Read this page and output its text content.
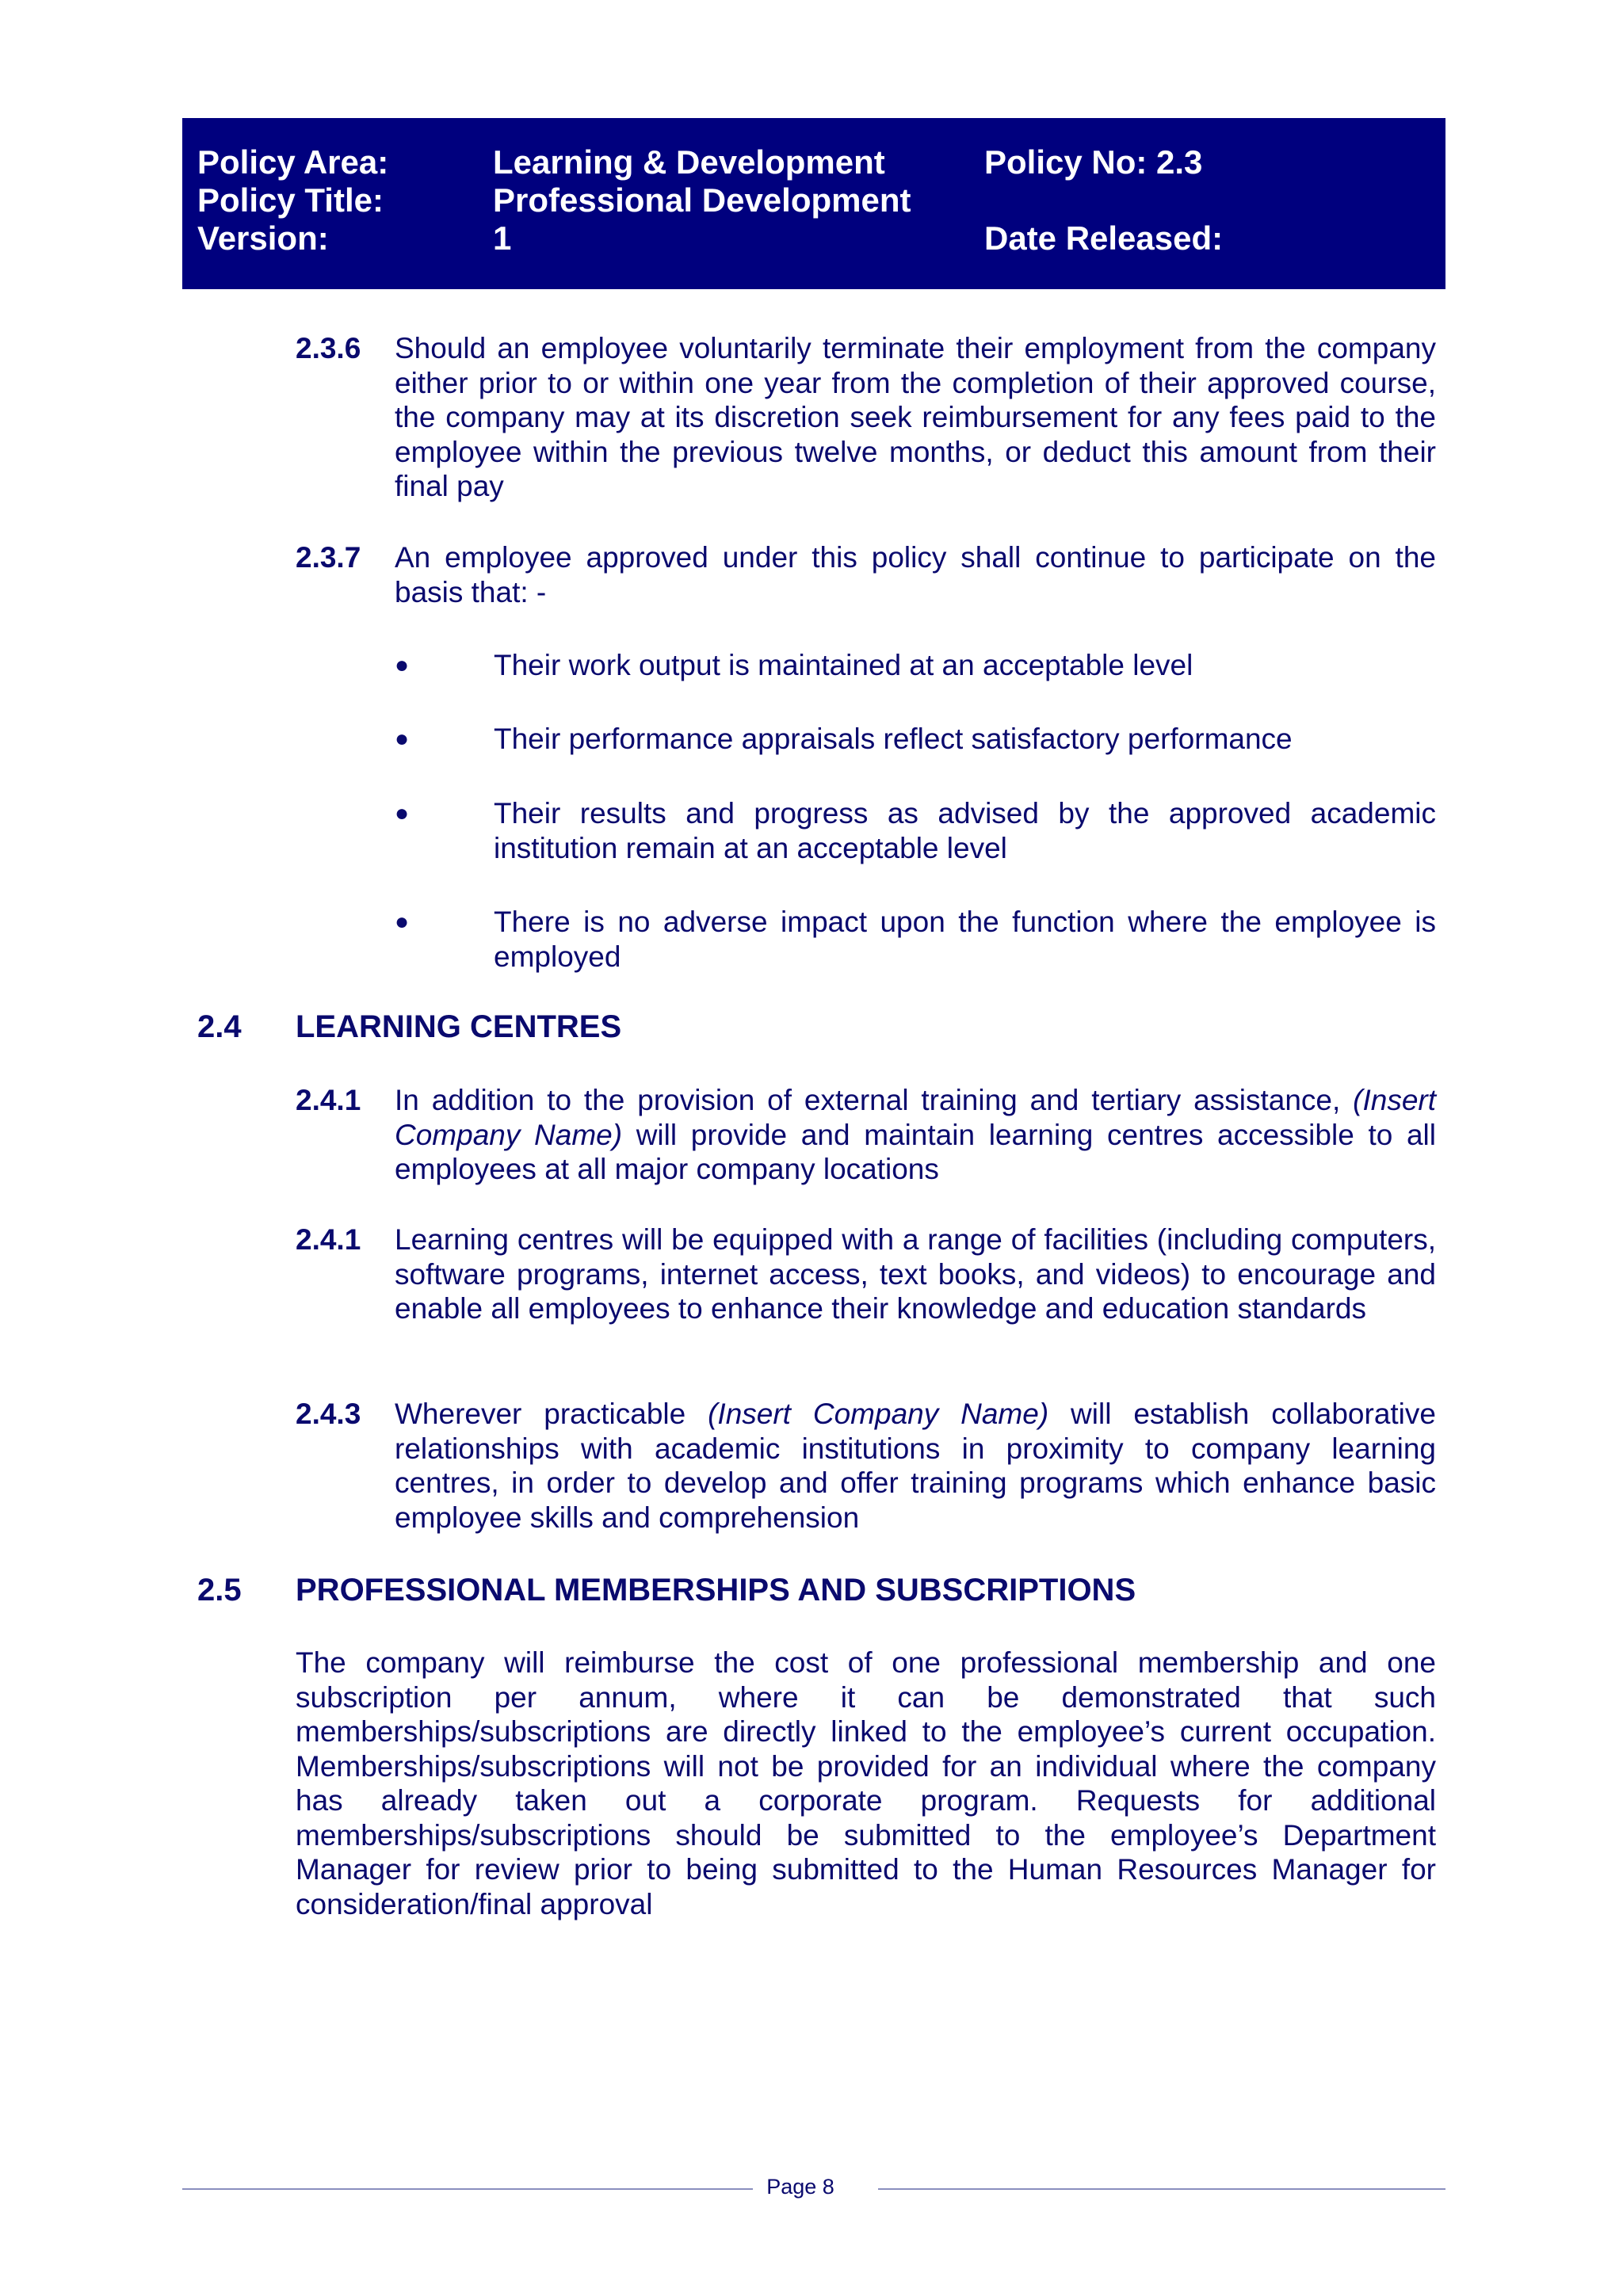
Policy Area:	Learning & Development	Policy No: 2.3
Policy Title:	Professional Development
Version:	1	Date Released:
2.3.6 Should an employee voluntarily terminate their employment from the company either prior to or within one year from the completion of their approved course, the company may at its discretion seek reimbursement for any fees paid to the employee within the previous twelve months, or deduct this amount from their final pay
2.3.7 An employee approved under this policy shall continue to participate on the basis that: -
●	Their work output is maintained at an acceptable level
●	Their performance appraisals reflect satisfactory performance
●	Their results and progress as advised by the approved academic institution remain at an acceptable level
●	There is no adverse impact upon the function where the employee is employed
2.4 LEARNING CENTRES
2.4.1 In addition to the provision of external training and tertiary assistance, (Insert Company Name) will provide and maintain learning centres accessible to all employees at all major company locations
2.4.1 Learning centres will be equipped with a range of facilities (including computers, software programs, internet access, text books, and videos) to encourage and enable all employees to enhance their knowledge and education standards
2.4.3 Wherever practicable (Insert Company Name) will establish collaborative relationships with academic institutions in proximity to company learning centres, in order to develop and offer training programs which enhance basic employee skills and comprehension
2.5 PROFESSIONAL MEMBERSHIPS AND SUBSCRIPTIONS
The company will reimburse the cost of one professional membership and one subscription per annum, where it can be demonstrated that such memberships/subscriptions are directly linked to the employee’s current occupation. Memberships/subscriptions will not be provided for an individual where the company has already taken out a corporate program. Requests for additional memberships/subscriptions should be submitted to the employee’s Department Manager for review prior to being submitted to the Human Resources Manager for consideration/final approval
Page 8
